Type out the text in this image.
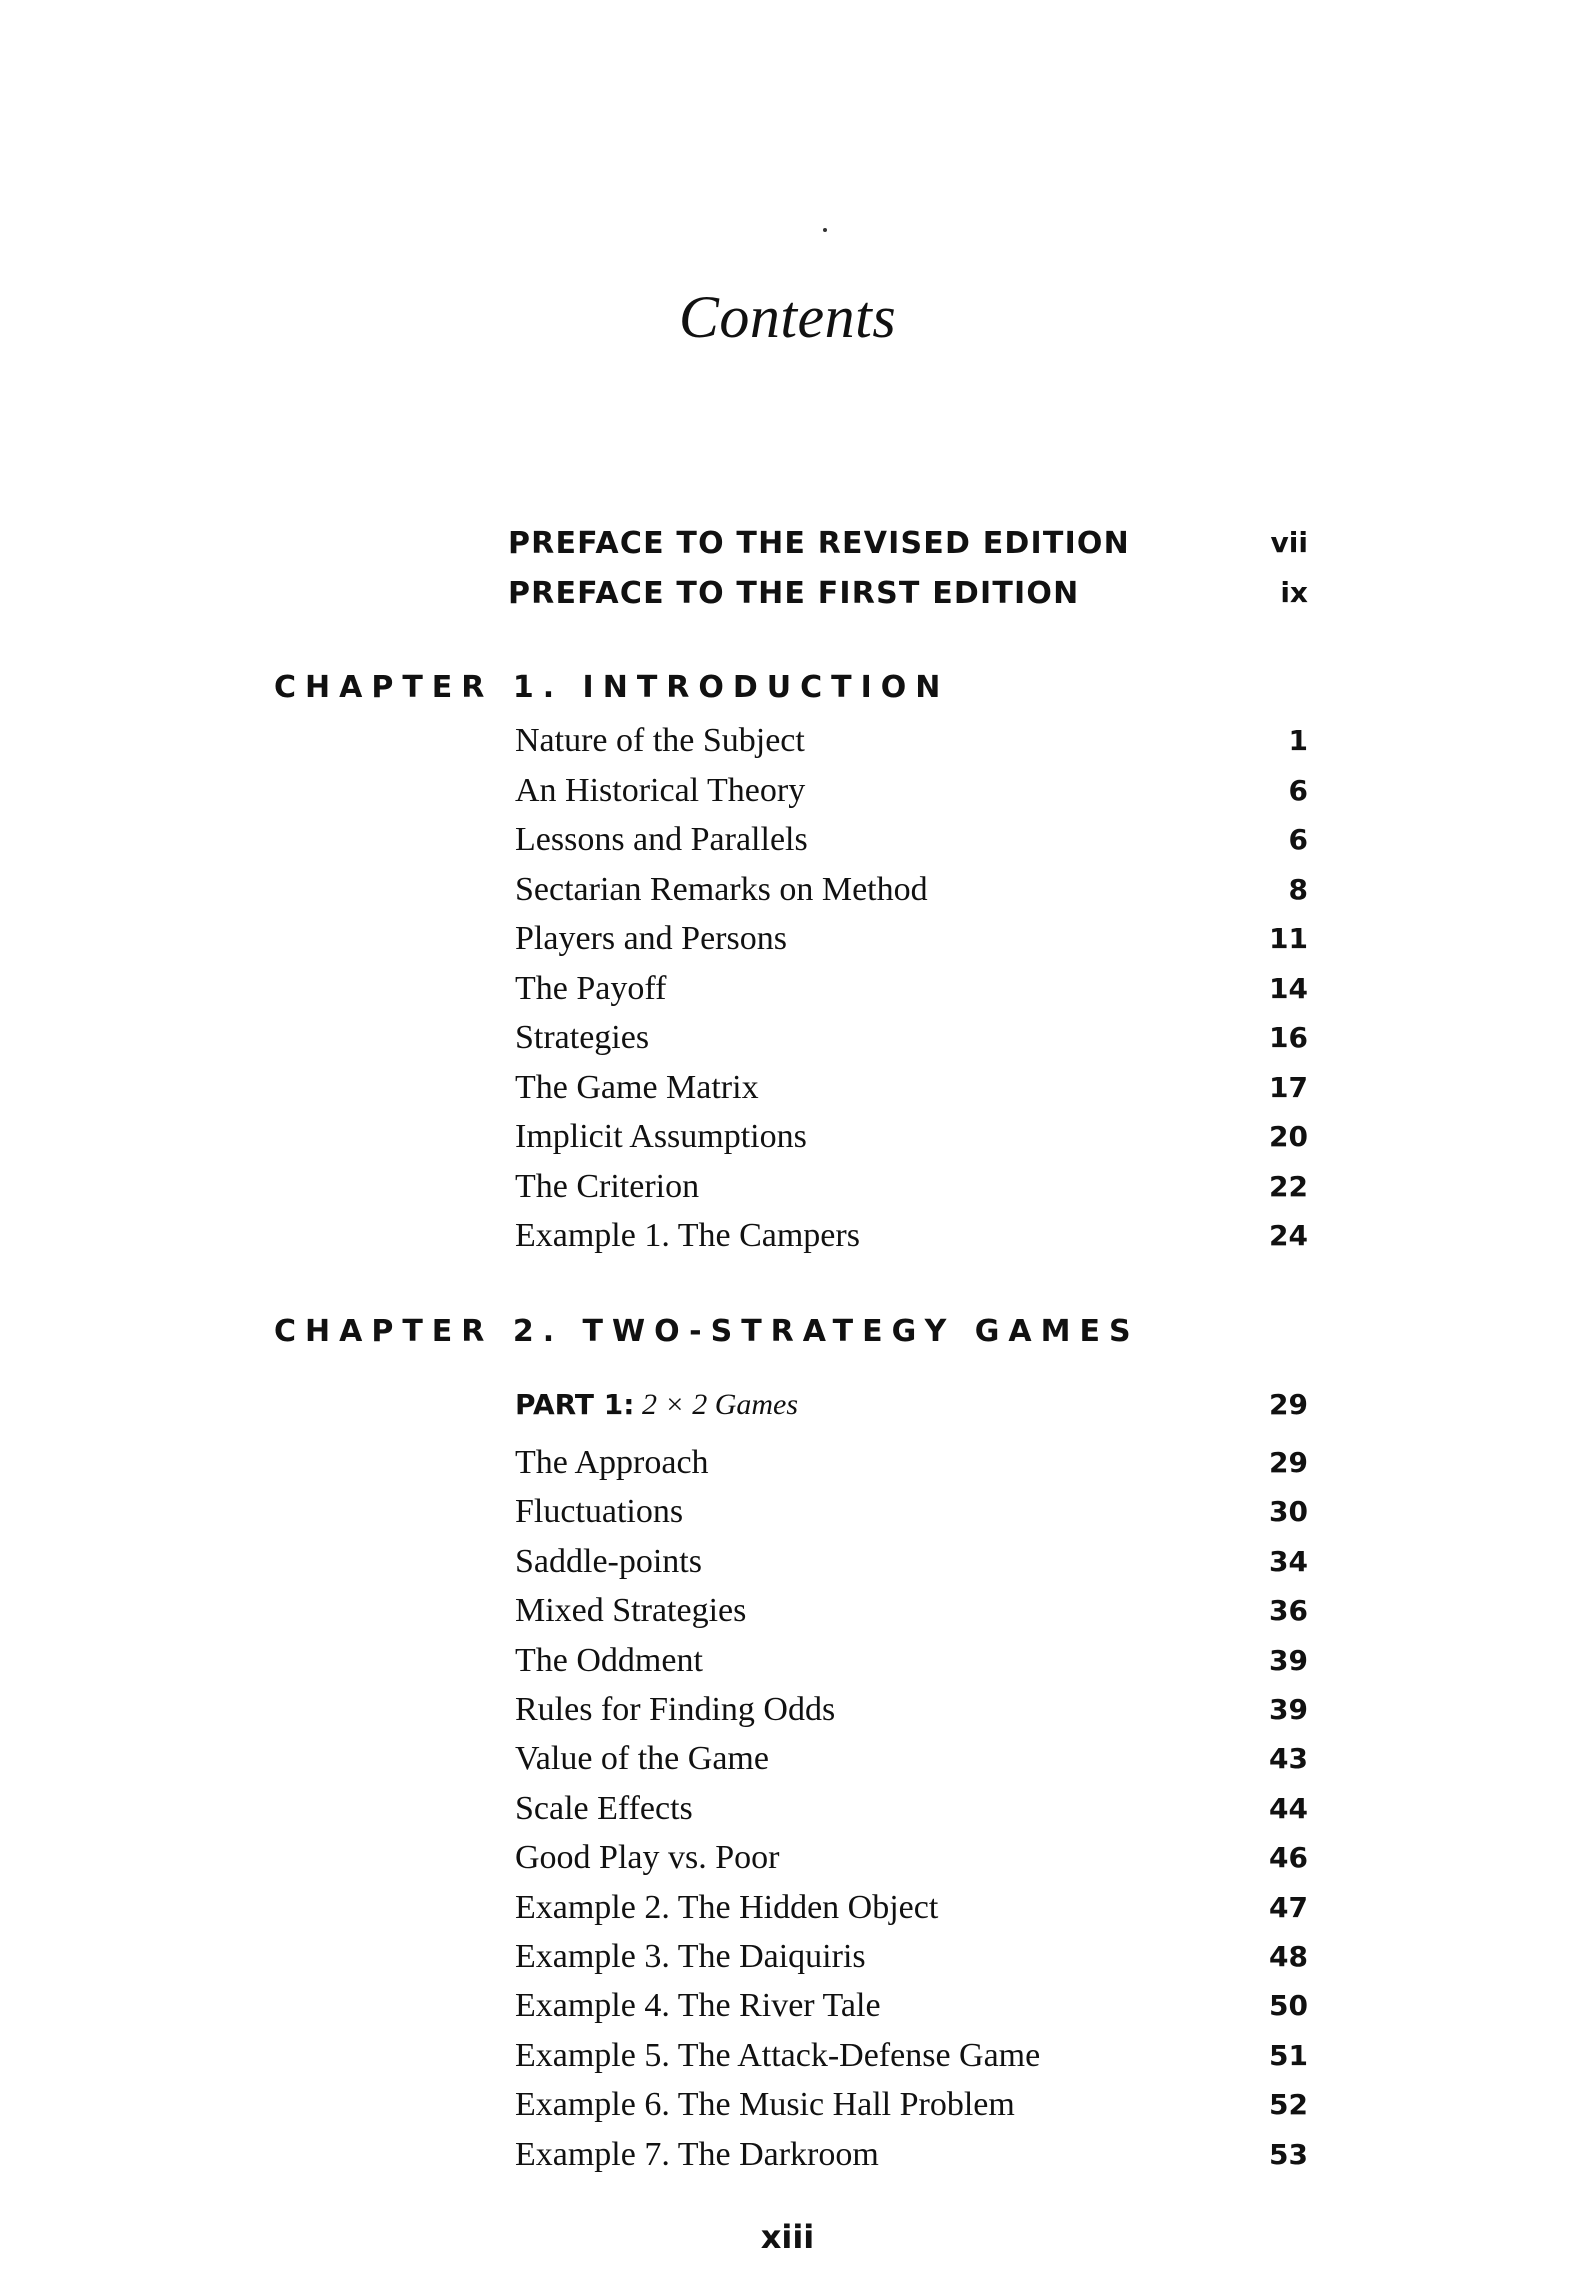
Contents
PREFACE TO THE REVISED EDITION	vii
PREFACE TO THE FIRST EDITION	ix
CHAPTER 1. INTRODUCTION
Nature of the Subject	1
An Historical Theory	6
Lessons and Parallels	6
Sectarian Remarks on Method	8
Players and Persons	11
The Payoff	14
Strategies	16
The Game Matrix	17
Implicit Assumptions	20
The Criterion	22
Example 1. The Campers	24
CHAPTER 2. TWO-STRATEGY GAMES
PART 1: 2 × 2 Games	29
The Approach	29
Fluctuations	30
Saddle-points	34
Mixed Strategies	36
The Oddment	39
Rules for Finding Odds	39
Value of the Game	43
Scale Effects	44
Good Play vs. Poor	46
Example 2. The Hidden Object	47
Example 3. The Daiquiris	48
Example 4. The River Tale	50
Example 5. The Attack-Defense Game	51
Example 6. The Music Hall Problem	52
Example 7. The Darkroom	53
xiii
